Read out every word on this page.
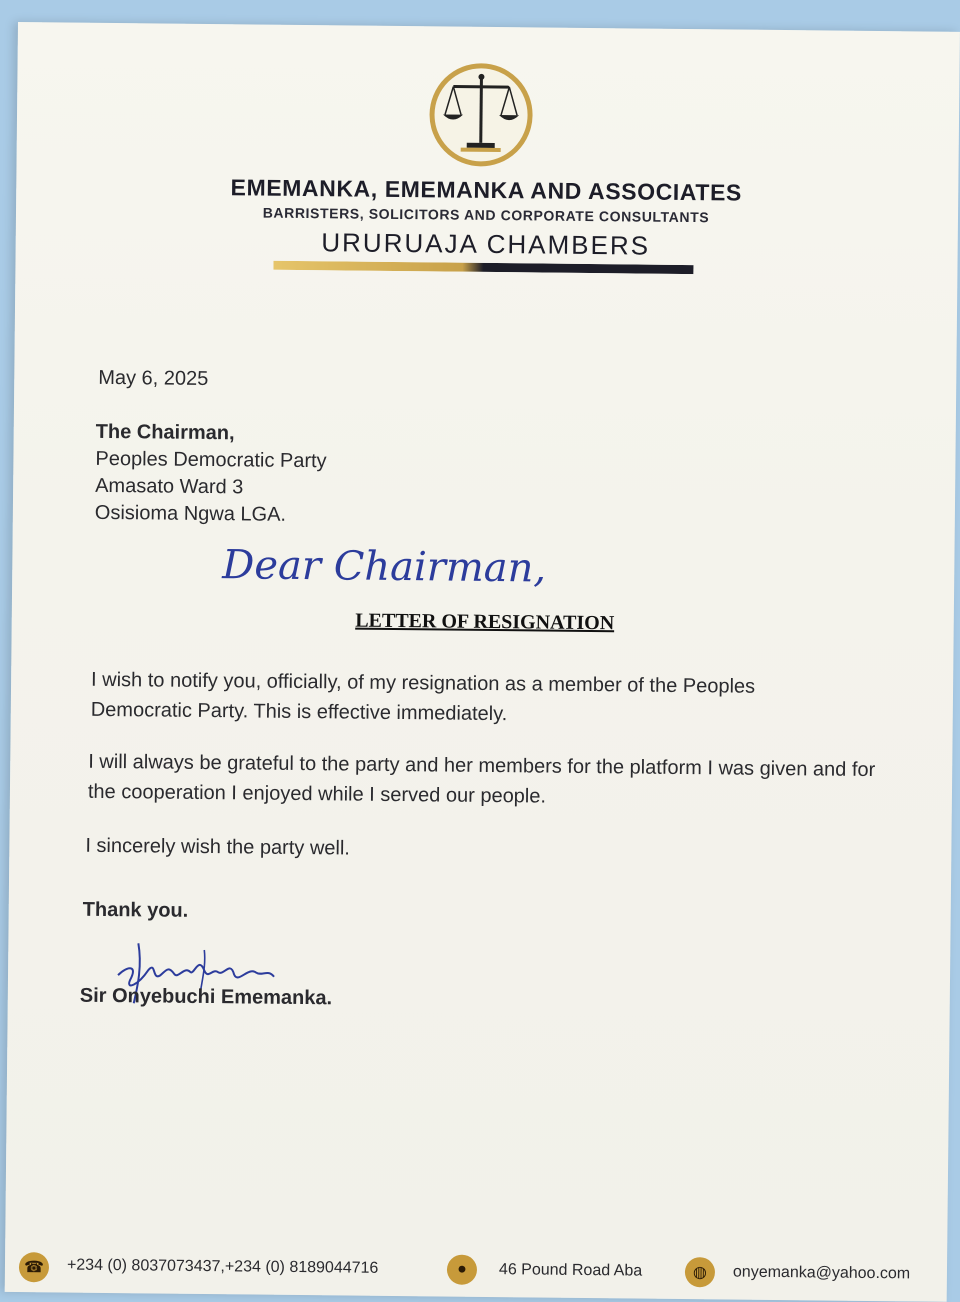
EMEMANKA, EMEMANKA AND ASSOCIATES
BARRISTERS, SOLICITORS AND CORPORATE CONSULTANTS
URURUAJA CHAMBERS
May 6, 2025
The Chairman,
Peoples Democratic Party
Amasato Ward 3
Osisioma Ngwa LGA.
Dear Chairman,
LETTER OF RESIGNATION
I wish to notify you, officially, of my resignation as a member of the Peoples Democratic Party. This is effective immediately.
I will always be grateful to the party and her members for the platform I was given and for the cooperation I enjoyed while I served our people.
I sincerely wish the party well.
Thank you.
Sir Onyebuchi Ememanka.
☎	+234 (0) 8037073437,+234 (0) 8189044716	●	46 Pound Road Aba	◍	onyemanka@yahoo.com
